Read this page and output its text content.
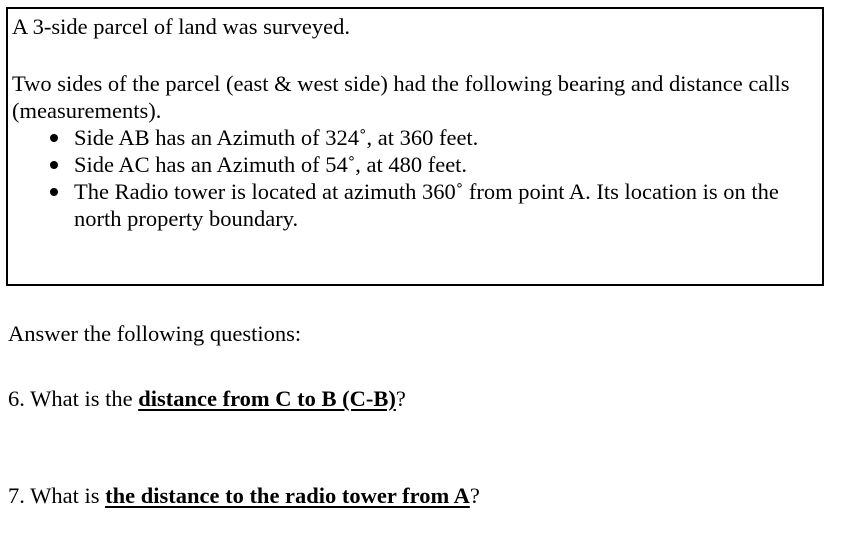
A 3-side parcel of land was surveyed.

Two sides of the parcel (east & west side) had the following bearing and distance calls (measurements).

Side AB has an Azimuth of 324˚, at 360 feet.
Side AC has an Azimuth of 54˚, at 480 feet.
The Radio tower is located at azimuth 360˚ from point A. Its location is on the north property boundary.

Answer the following questions:

6. What is the distance from C to B (C-B)?

7. What is the distance to the radio tower from A?
